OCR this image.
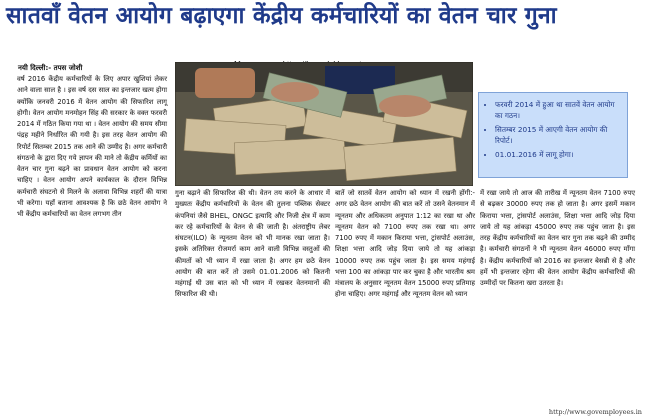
सातवाँ वेतन आयोग बढ़ाएगा केंद्रीय कर्मचारियों का वेतन चार गुना
नयी दिल्ली:- तपस जोशी
वर्ष 2016 केंद्रीय कर्मचारियों के लिए अपार खुशियां लेकर आने वाला साल है । इस वर्ष दस साल का इन्तजार खत्म होगा क्योंकि जनवरी 2016 में वेतन आयोग की सिफारिश लागू होगी। वेतन आयोग मनमोहन सिंह की सरकार के वक्त फरवरी 2014 में गठित किया गया था । वेतन आयोग की समय सीमा पंद्रह महीने निर्धारित की गयी है। इस तरह वेतन आयोग की रिपोर्ट सितम्बर 2015 तक आने की उम्मीद है। अगर कर्मचारी संगठनो के द्वारा दिए गये ज्ञापन की माने तो केंद्रीय कर्मियों का वेतन चार गुना बढ़ने का प्रावधान वेतन आयोग को करना चाहिए । वेतन आयोग अपने कार्यकाल के दौरान विभिन्न कर्मचारी संघटनो से मिलने के अलावा विभिन्न शहरों की यात्रा भी करेगा। यहाँ बताना आवश्यक है कि छठे वेतन आयोग ने भी केंद्रीय कर्मचारियों का वेतन लगभग तीन
गुना बढ़ाने की सिफारिश की थी। वेतन तय करने के आधार में मुख्यतः केंद्रीय कर्मचारियों के वेतन की तुलना पब्लिक सेक्टर कंपनियां जैसे BHEL, ONGC इत्यादि और निजी क्षेत्र में काम कर रहे कर्मचारियों के वेतन से की जाती है। अंतराष्ट्रीय लेबर संघटन(ILO) के न्यूनतम वेतन को भी मानक रखा जाता है। इसके अतिरिक्त रोजमर्रा काम आने वाली विभिन्न वस्तुओं की कीमतों को भी ध्यान में रखा जाता है। अगर हम छठे वेतन आयोग की बात करें तो उसमे 01.01.2006 को कितनी महंगाई थी उस बात को भी ध्यान में रखकर वेतनमानों की सिफारिश की थी।
बातें जो सातवें वेतन आयोग को ध्यान में रखनी होंगी:- अगर छठे वेतन आयोग की बात करें तो उसने वेतनमान में न्यूनतम और अधिकतम अनुपात 1:12 का रखा था और न्यूनतम वेतन को 7100 रुपए तक रखा था। अगर 7100 रुपए में मकान किराया भत्ता, ट्रांसपोर्ट अलाउंस, शिक्षा भत्ता आदि जोड़ दिया जाये तो यह आंकड़ा 10000 रुपए तक पहुंच जाता है। इस समय महंगाई भत्ता 100 का आंकड़ा पार कर चुका है और भारतीय श्रम मंत्रालय के अनुसार न्यूनतम वेतन 15000 रुपए प्रतिमाह होना चाहिए। अगर महंगाई और न्यूनतम वेतन को ध्यान
में रखा जाये तो आज की तारीख में न्यूनतम वेतन 7100 रुपए से बढ़कर 30000 रुपए तक हो जाता है। अगर इसमें मकान किराया भत्ता, ट्रांसपोर्ट अलाउंस, शिक्षा भत्ता आदि जोड़ दिया जाये तो यह आंकड़ा 45000 रुपए तक पहुंच जाता है। इस तरह केंद्रीय कर्मचारियों का वेतन चार गुना तक बढ़ने की उम्मीद है। कर्मचारी संगठनों ने भी न्यूनतम वेतन 46000 रुपए माँगा है। केंद्रीय कर्मचारियों को 2016 का इन्तजार बेसब्री से है और हमें भी इन्तजार रहेगा की वेतन आयोग केंद्रीय कर्मचारियों की उम्मीदों पर कितना खरा उतरता है।
• फरवरी 2014 में हुआ था सातवें वेतन आयोग का गठन।
• सितम्बर 2015 में आएगी वेतन आयोग की रिपोर्ट।
• 01.01.2016 में लागू होगा।
http://www.govemployees.in
